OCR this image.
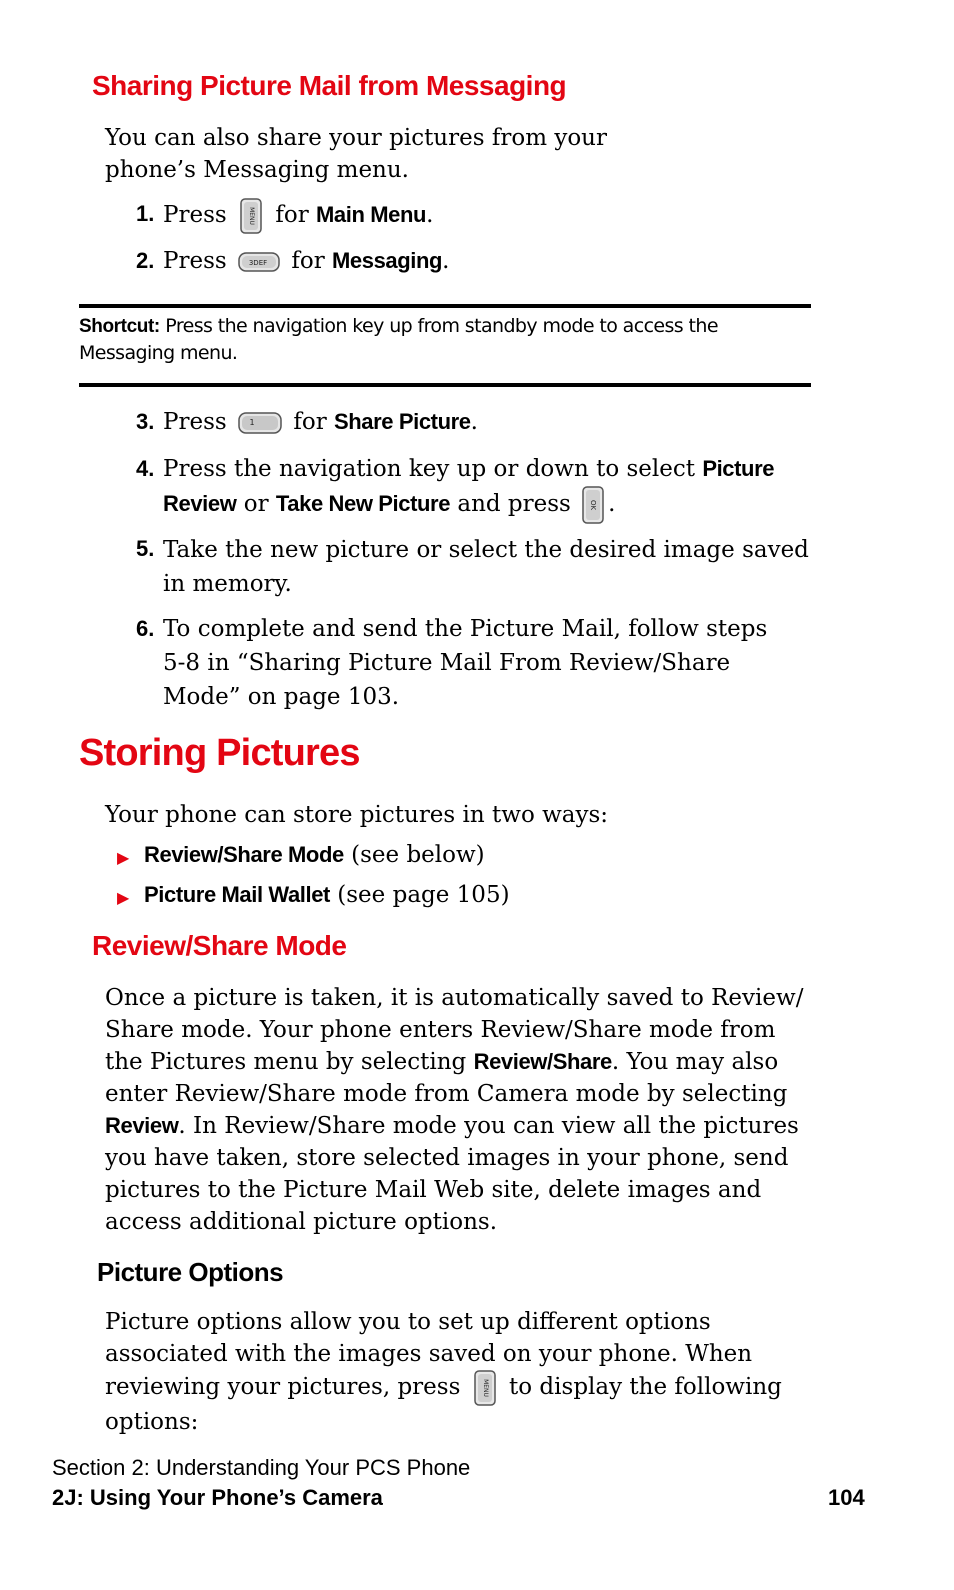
Sharing Picture Mail from Messaging
You can also share your pictures from your phone’s Messaging menu.
1. Press	MENU for Main Menu.
2. Press	3DEF for Messaging.
Shortcut: Press the navigation key up from standby mode to access the Messaging menu.
3. Press	1 for Share Picture.
4. Press the navigation key up or down to select Picture Review or Take New Picture and press	OK .
5. Take the new picture or select the desired image saved in memory.
6. To complete and send the Picture Mail, follow steps 5-8 in “Sharing Picture Mail From Review/Share Mode” on page 103.
Storing Pictures
Your phone can store pictures in two ways:
▶ Review/Share Mode (see below)
▶ Picture Mail Wallet (see page 105)
Review/Share Mode
Once a picture is taken, it is automatically saved to Review/ Share mode. Your phone enters Review/Share mode from the Pictures menu by selecting Review/Share. You may also enter Review/Share mode from Camera mode by selecting Review. In Review/Share mode you can view all the pictures you have taken, store selected images in your phone, send pictures to the Picture Mail Web site, delete images and access additional picture options.
Picture Options
Picture options allow you to set up different options associated with the images saved on your phone. When reviewing your pictures, press	MENU to display the following options:
Section 2: Understanding Your PCS Phone
2J: Using Your Phone’s Camera	104
